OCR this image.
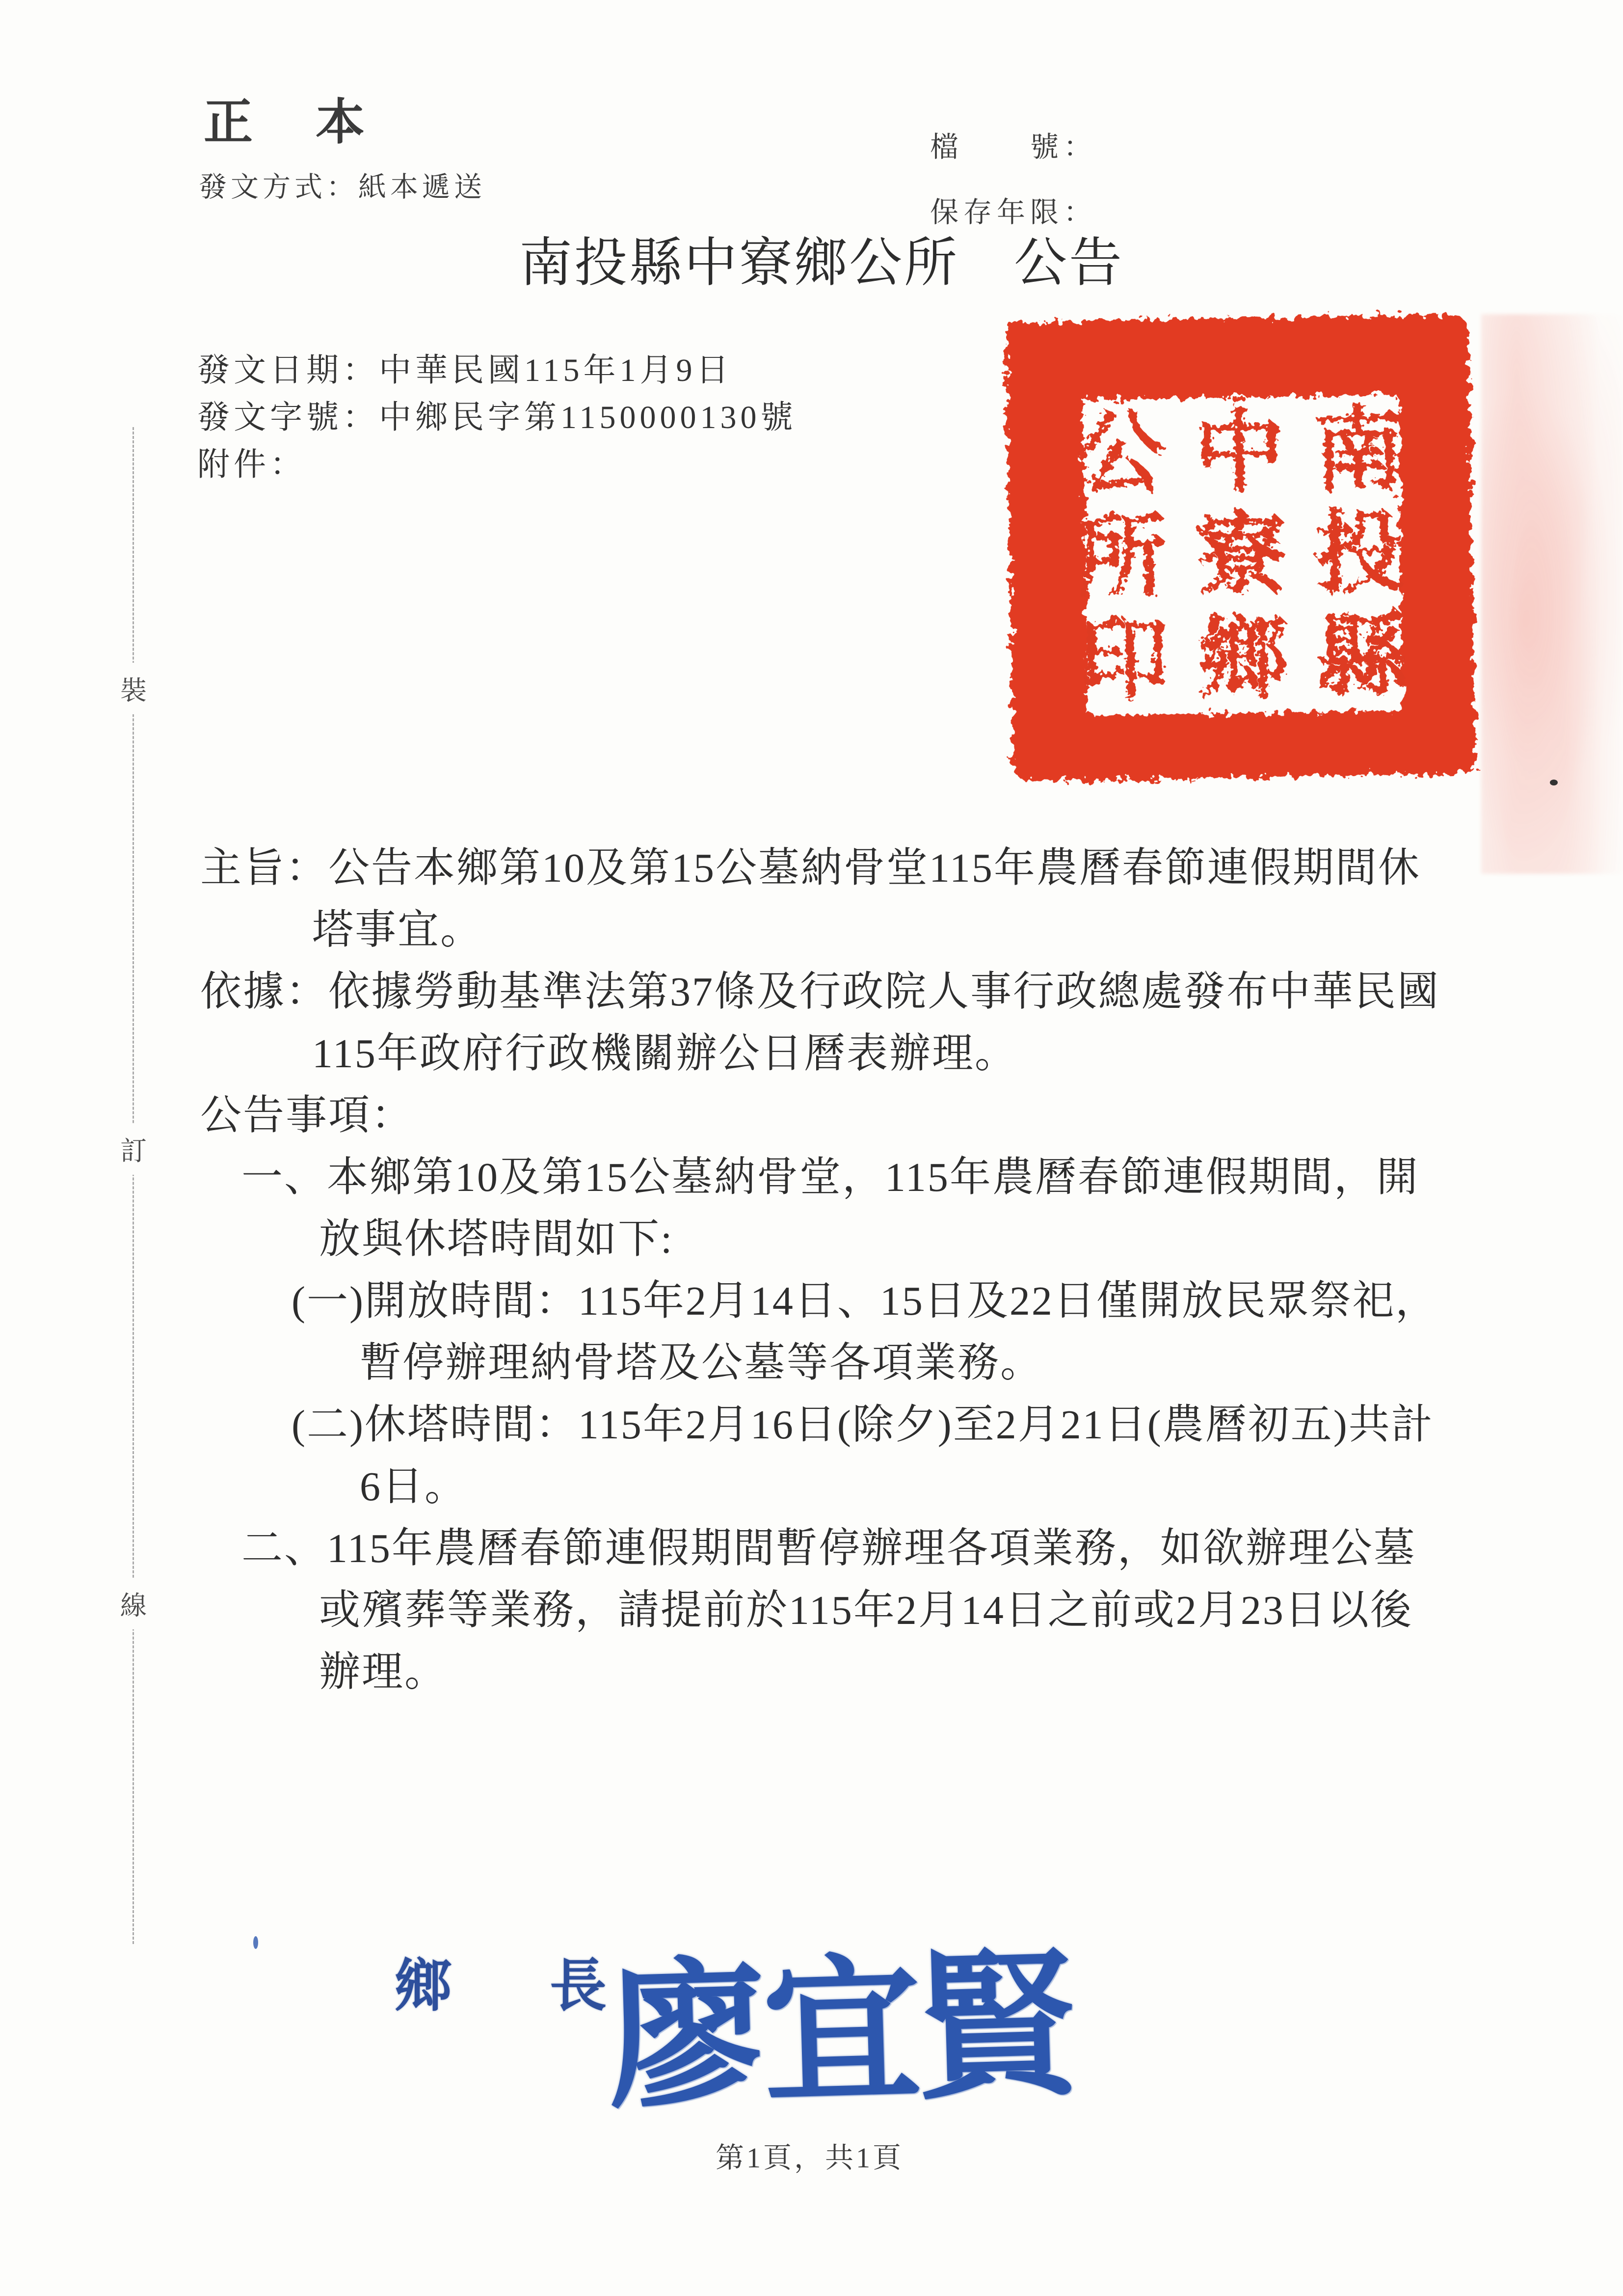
正　本
發文方式：紙本遞送
檔　　號：
保存年限：
南投縣中寮鄉公所　公告
發文日期：中華民國115年1月9日
發文字號：中鄉民字第1150000130號
附件：
裝
訂
線
南
投
縣
中
寮
鄉
公
所
印
主旨：公告本鄉第10及第15公墓納骨堂115年農曆春節連假期間休
塔事宜。
依據：依據勞動基準法第37條及行政院人事行政總處發布中華民國
115年政府行政機關辦公日曆表辦理。
公告事項：
一、本鄉第10及第15公墓納骨堂，115年農曆春節連假期間，開
放與休塔時間如下:
(一)開放時間：115年2月14日、15日及22日僅開放民眾祭祀，
暫停辦理納骨塔及公墓等各項業務。
(二)休塔時間：115年2月16日(除夕)至2月21日(農曆初五)共計
6日。
二、115年農曆春節連假期間暫停辦理各項業務，如欲辦理公墓
或殯葬等業務，請提前於115年2月14日之前或2月23日以後
辦理。
鄉　長
廖宜賢
第1頁，共1頁
